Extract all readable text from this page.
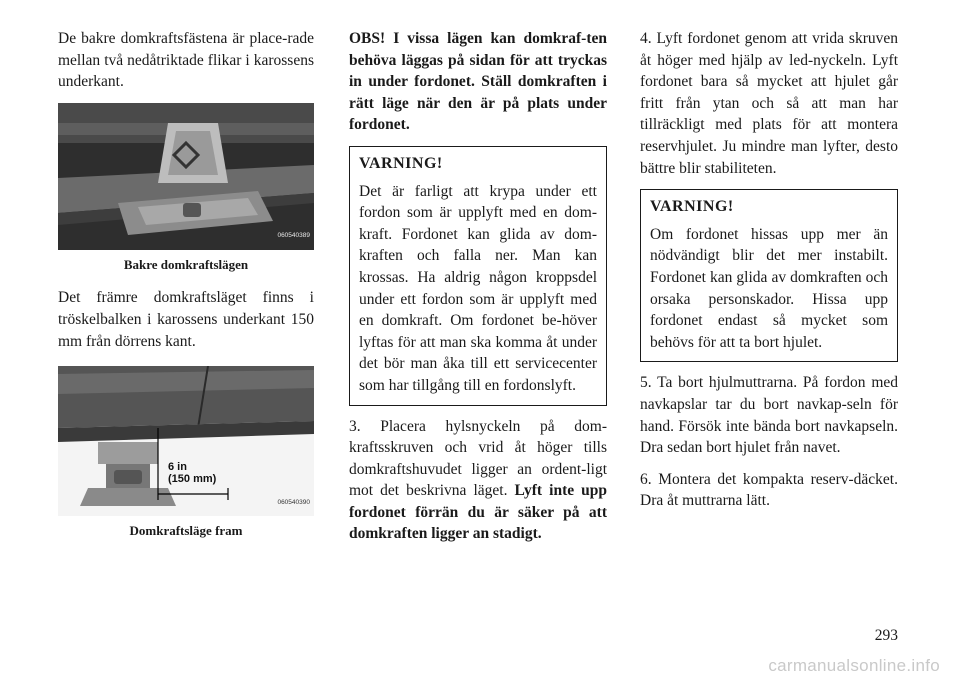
De bakre domkraftsfästena är place-rade mellan två nedåtriktade flikar i karossens underkant.

060540389
Bakre domkraftslägen

Det främre domkraftsläget finns i tröskelbalken i karossens underkant 150 mm från dörrens kant.

6 in
(150 mm)
060540390
Domkraftsläge fram

OBS! I vissa lägen kan domkraf-ten behöva läggas på sidan för att tryckas in under fordonet. Ställ domkraften i rätt läge när den är på plats under fordonet.

VARNING!

Det är farligt att krypa under ett fordon som är upplyft med en dom-kraft. Fordonet kan glida av dom-kraften och falla ner. Man kan krossas. Ha aldrig någon kroppsdel under ett fordon som är upplyft med en domkraft. Om fordonet be-höver lyftas för att man ska komma åt under det bör man åka till ett servicecenter som har tillgång till en fordonslyft.

3. Placera hylsnyckeln på dom-kraftsskruven och vrid åt höger tills domkraftshuvudet ligger an ordent-ligt mot det beskrivna läget. Lyft inte upp fordonet förrän du är säker på att domkraften ligger an stadigt.

4. Lyft fordonet genom att vrida skruven åt höger med hjälp av led-nyckeln. Lyft fordonet bara så mycket att hjulet går fritt från ytan och så att man har tillräckligt med plats för att montera reservhjulet. Ju mindre man lyfter, desto bättre blir stabiliteten.

VARNING!

Om fordonet hissas upp mer än nödvändigt blir det mer instabilt. Fordonet kan glida av domkraften och orsaka personskador. Hissa upp fordonet endast så mycket som behövs för att ta bort hjulet.

5. Ta bort hjulmuttrarna. På fordon med navkapslar tar du bort navkap-seln för hand. Försök inte bända bort navkapseln. Dra sedan bort hjulet från navet.

6. Montera det kompakta reserv-däcket. Dra åt muttrarna lätt.

293
carmanualsonline.info
